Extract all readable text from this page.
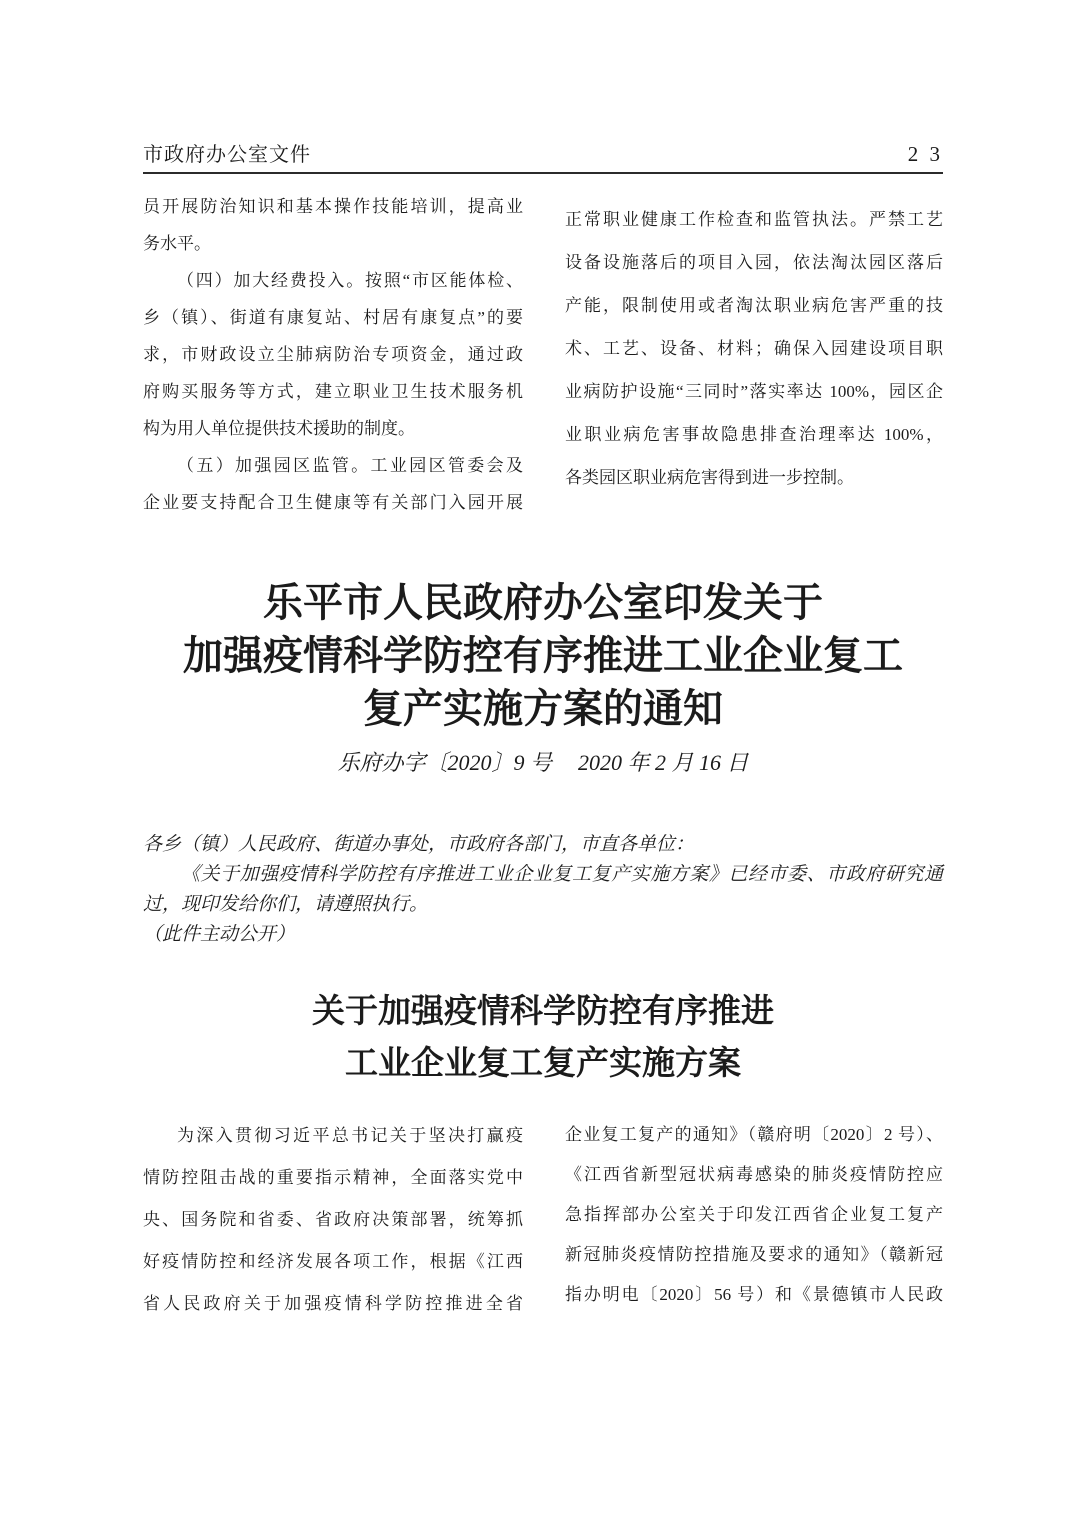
市政府办公室文件	2 3
员开展防治知识和基本操作技能培训，提高业
务水平。
（四）加大经费投入。按照“市区能体检、
乡（镇）、街道有康复站、村居有康复点”的要
求，市财政设立尘肺病防治专项资金，通过政
府购买服务等方式，建立职业卫生技术服务机
构为用人单位提供技术援助的制度。
（五）加强园区监管。工业园区管委会及
企业要支持配合卫生健康等有关部门入园开展
正常职业健康工作检查和监管执法。严禁工艺
设备设施落后的项目入园，依法淘汰园区落后
产能，限制使用或者淘汰职业病危害严重的技
术、工艺、设备、材料；确保入园建设项目职
业病防护设施“三同时”落实率达 100%，园区企
业职业病危害事故隐患排查治理率达 100%，
各类园区职业病危害得到进一步控制。
乐平市人民政府办公室印发关于
加强疫情科学防控有序推进工业企业复工
复产实施方案的通知
乐府办字〔2020〕9 号 2020 年 2 月 16 日
各乡（镇）人民政府、街道办事处，市政府各部门，市直各单位：
《关于加强疫情科学防控有序推进工业企业复工复产实施方案》已经市委、市政府研究通
过，现印发给你们，请遵照执行。
（此件主动公开）
关于加强疫情科学防控有序推进
工业企业复工复产实施方案
为深入贯彻习近平总书记关于坚决打赢疫
情防控阻击战的重要指示精神，全面落实党中
央、国务院和省委、省政府决策部署，统筹抓
好疫情防控和经济发展各项工作，根据《江西
省人民政府关于加强疫情科学防控推进全省
企业复工复产的通知》（赣府明〔2020〕2 号）、
《江西省新型冠状病毒感染的肺炎疫情防控应
急指挥部办公室关于印发江西省企业复工复产
新冠肺炎疫情防控措施及要求的通知》（赣新冠
指办明电〔2020〕56 号）和《景德镇市人民政
